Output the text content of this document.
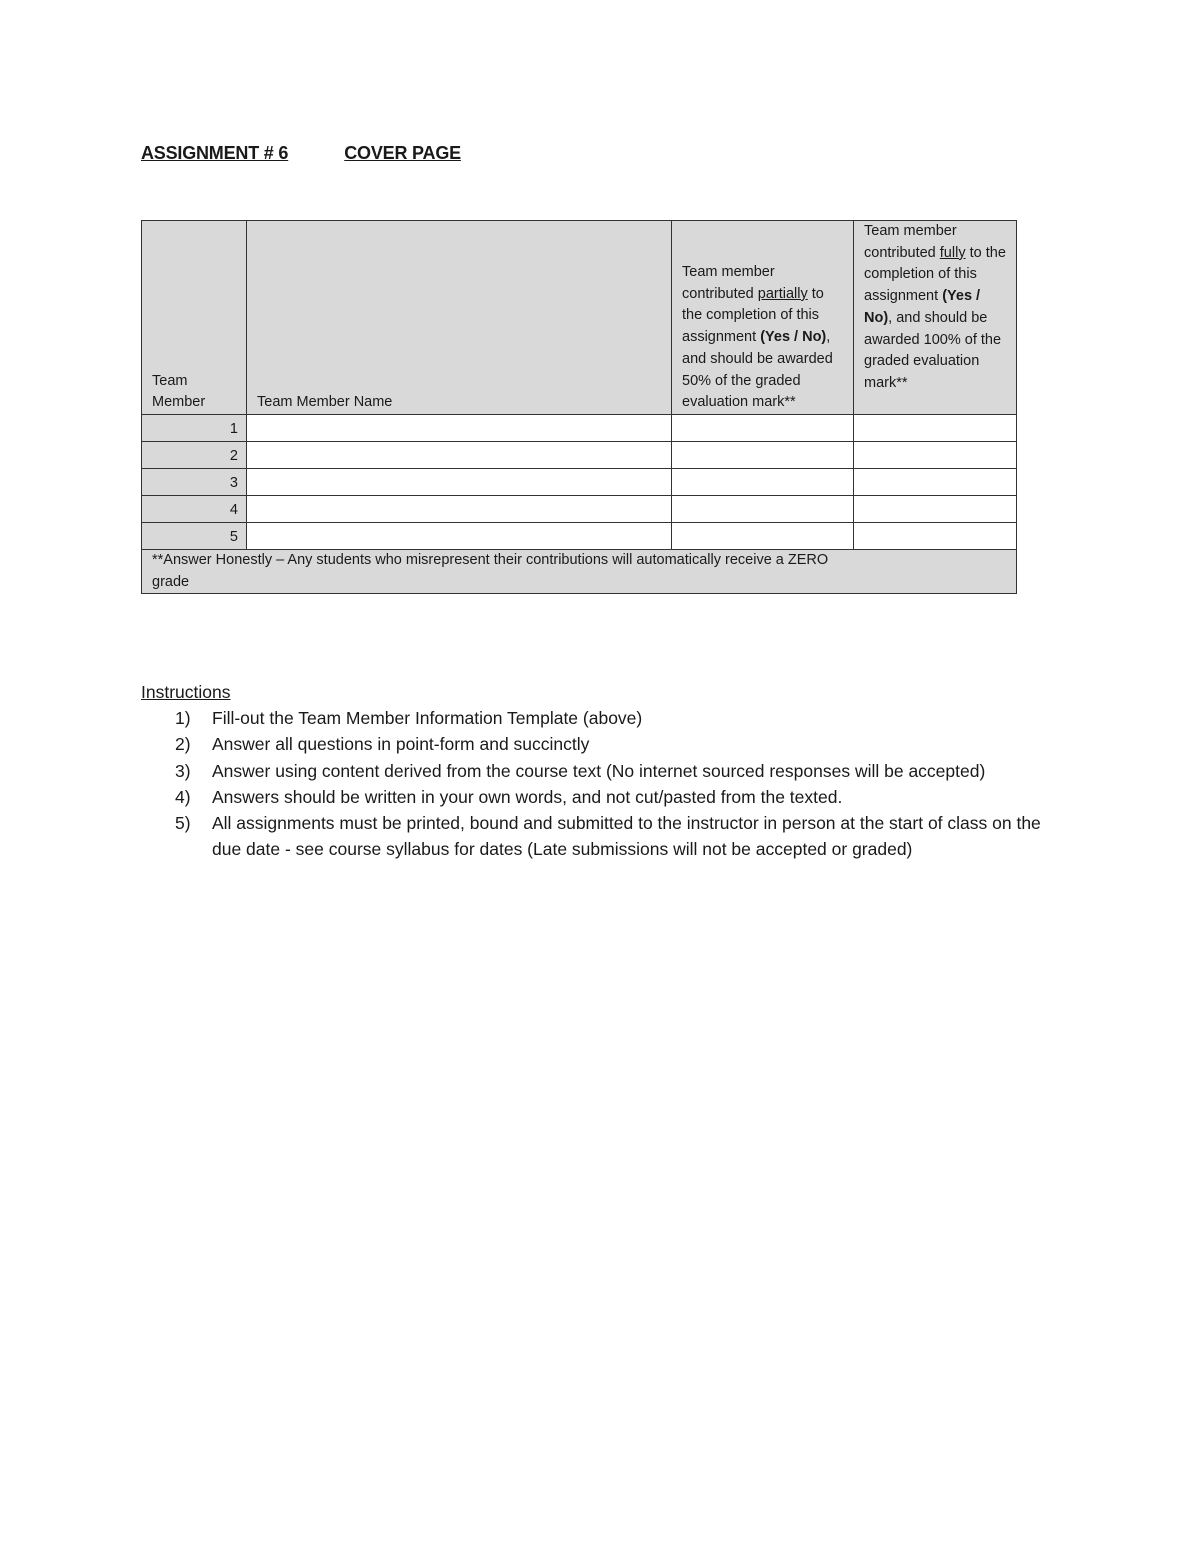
ASSIGNMENT # 6	COVER PAGE
Team
Member	Team Member Name	Team member contributed partially to the completion of this assignment (Yes / No), and should be awarded 50% of the graded evaluation mark**	Team member contributed fully to the completion of this assignment (Yes / No), and should be awarded 100% of the graded evaluation mark**
1			
2			
3			
4			
5			

**Answer Honestly – Any students who misrepresent their contributions will automatically receive a ZERO grade			
Instructions
1) Fill-out the Team Member Information Template (above)
2) Answer all questions in point-form and succinctly
3) Answer using content derived from the course text (No internet sourced responses will be accepted)
4) Answers should be written in your own words, and not cut/pasted from the texted.
5) All assignments must be printed, bound and submitted to the instructor in person at the start of class on the due date - see course syllabus for dates (Late submissions will not be accepted or graded)
